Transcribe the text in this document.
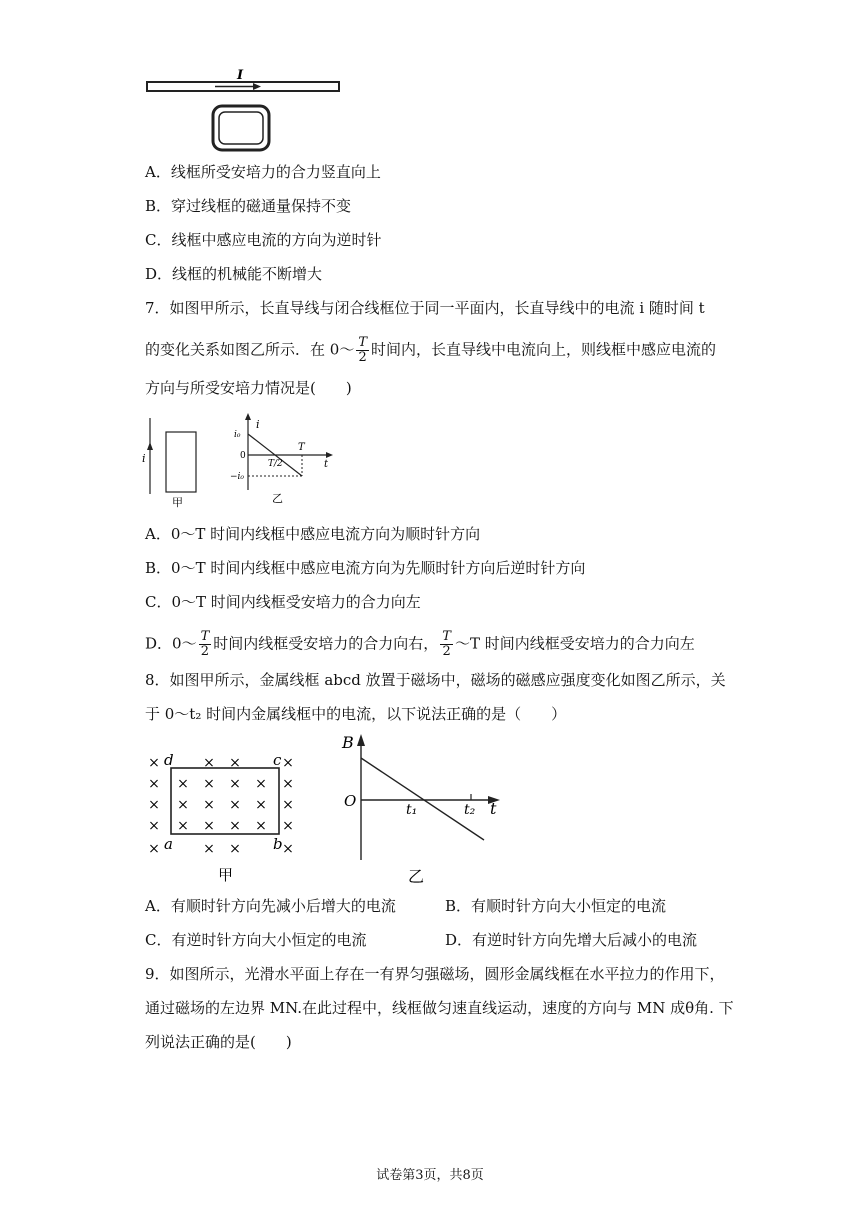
I
A．线框所受安培力的合力竖直向上
B．穿过线框的磁通量保持不变
C．线框中感应电流的方向为逆时针
D．线框的机械能不断增大
7．如图甲所示，长直导线与闭合线框位于同一平面内，长直导线中的电流 i 随时间 t
的变化关系如图乙所示．在 0～ $\frac{T}{2}$ 时间内，长直导线中电流向上，则线框中感应电流的
方向与所受安培力情况是(　　)
i
甲
i
i₀
0
−i₀
T/2
T
t
乙
A．0～T 时间内线框中感应电流方向为顺时针方向
B．0～T 时间内线框中感应电流方向为先顺时针方向后逆时针方向
C．0～T 时间内线框受安培力的合力向左
D．0～ $\frac{T}{2}$ 时间内线框受安培力的合力向右， $\frac{T}{2}$ ～T 时间内线框受安培力的合力向左
8．如图甲所示，金属线框 abcd 放置于磁场中，磁场的磁感应强度变化如图乙所示，关
于 0～t₂ 时间内金属线框中的电流，以下说法正确的是（　　）
×	× ×	×
× × × × × ×
× × × × × ×
× × × × × ×
×	× ×	×
d	c
a	b
甲
B
O	t₁	t₂ t
乙
A．有顺时针方向先减小后增大的电流	B．有顺时针方向大小恒定的电流
C．有逆时针方向大小恒定的电流	D．有逆时针方向先增大后减小的电流
9．如图所示，光滑水平面上存在一有界匀强磁场，圆形金属线框在水平拉力的作用下，
通过磁场的左边界 MN.在此过程中，线框做匀速直线运动，速度的方向与 MN 成θ角. 下
列说法正确的是(　　)
试卷第3页，共8页
